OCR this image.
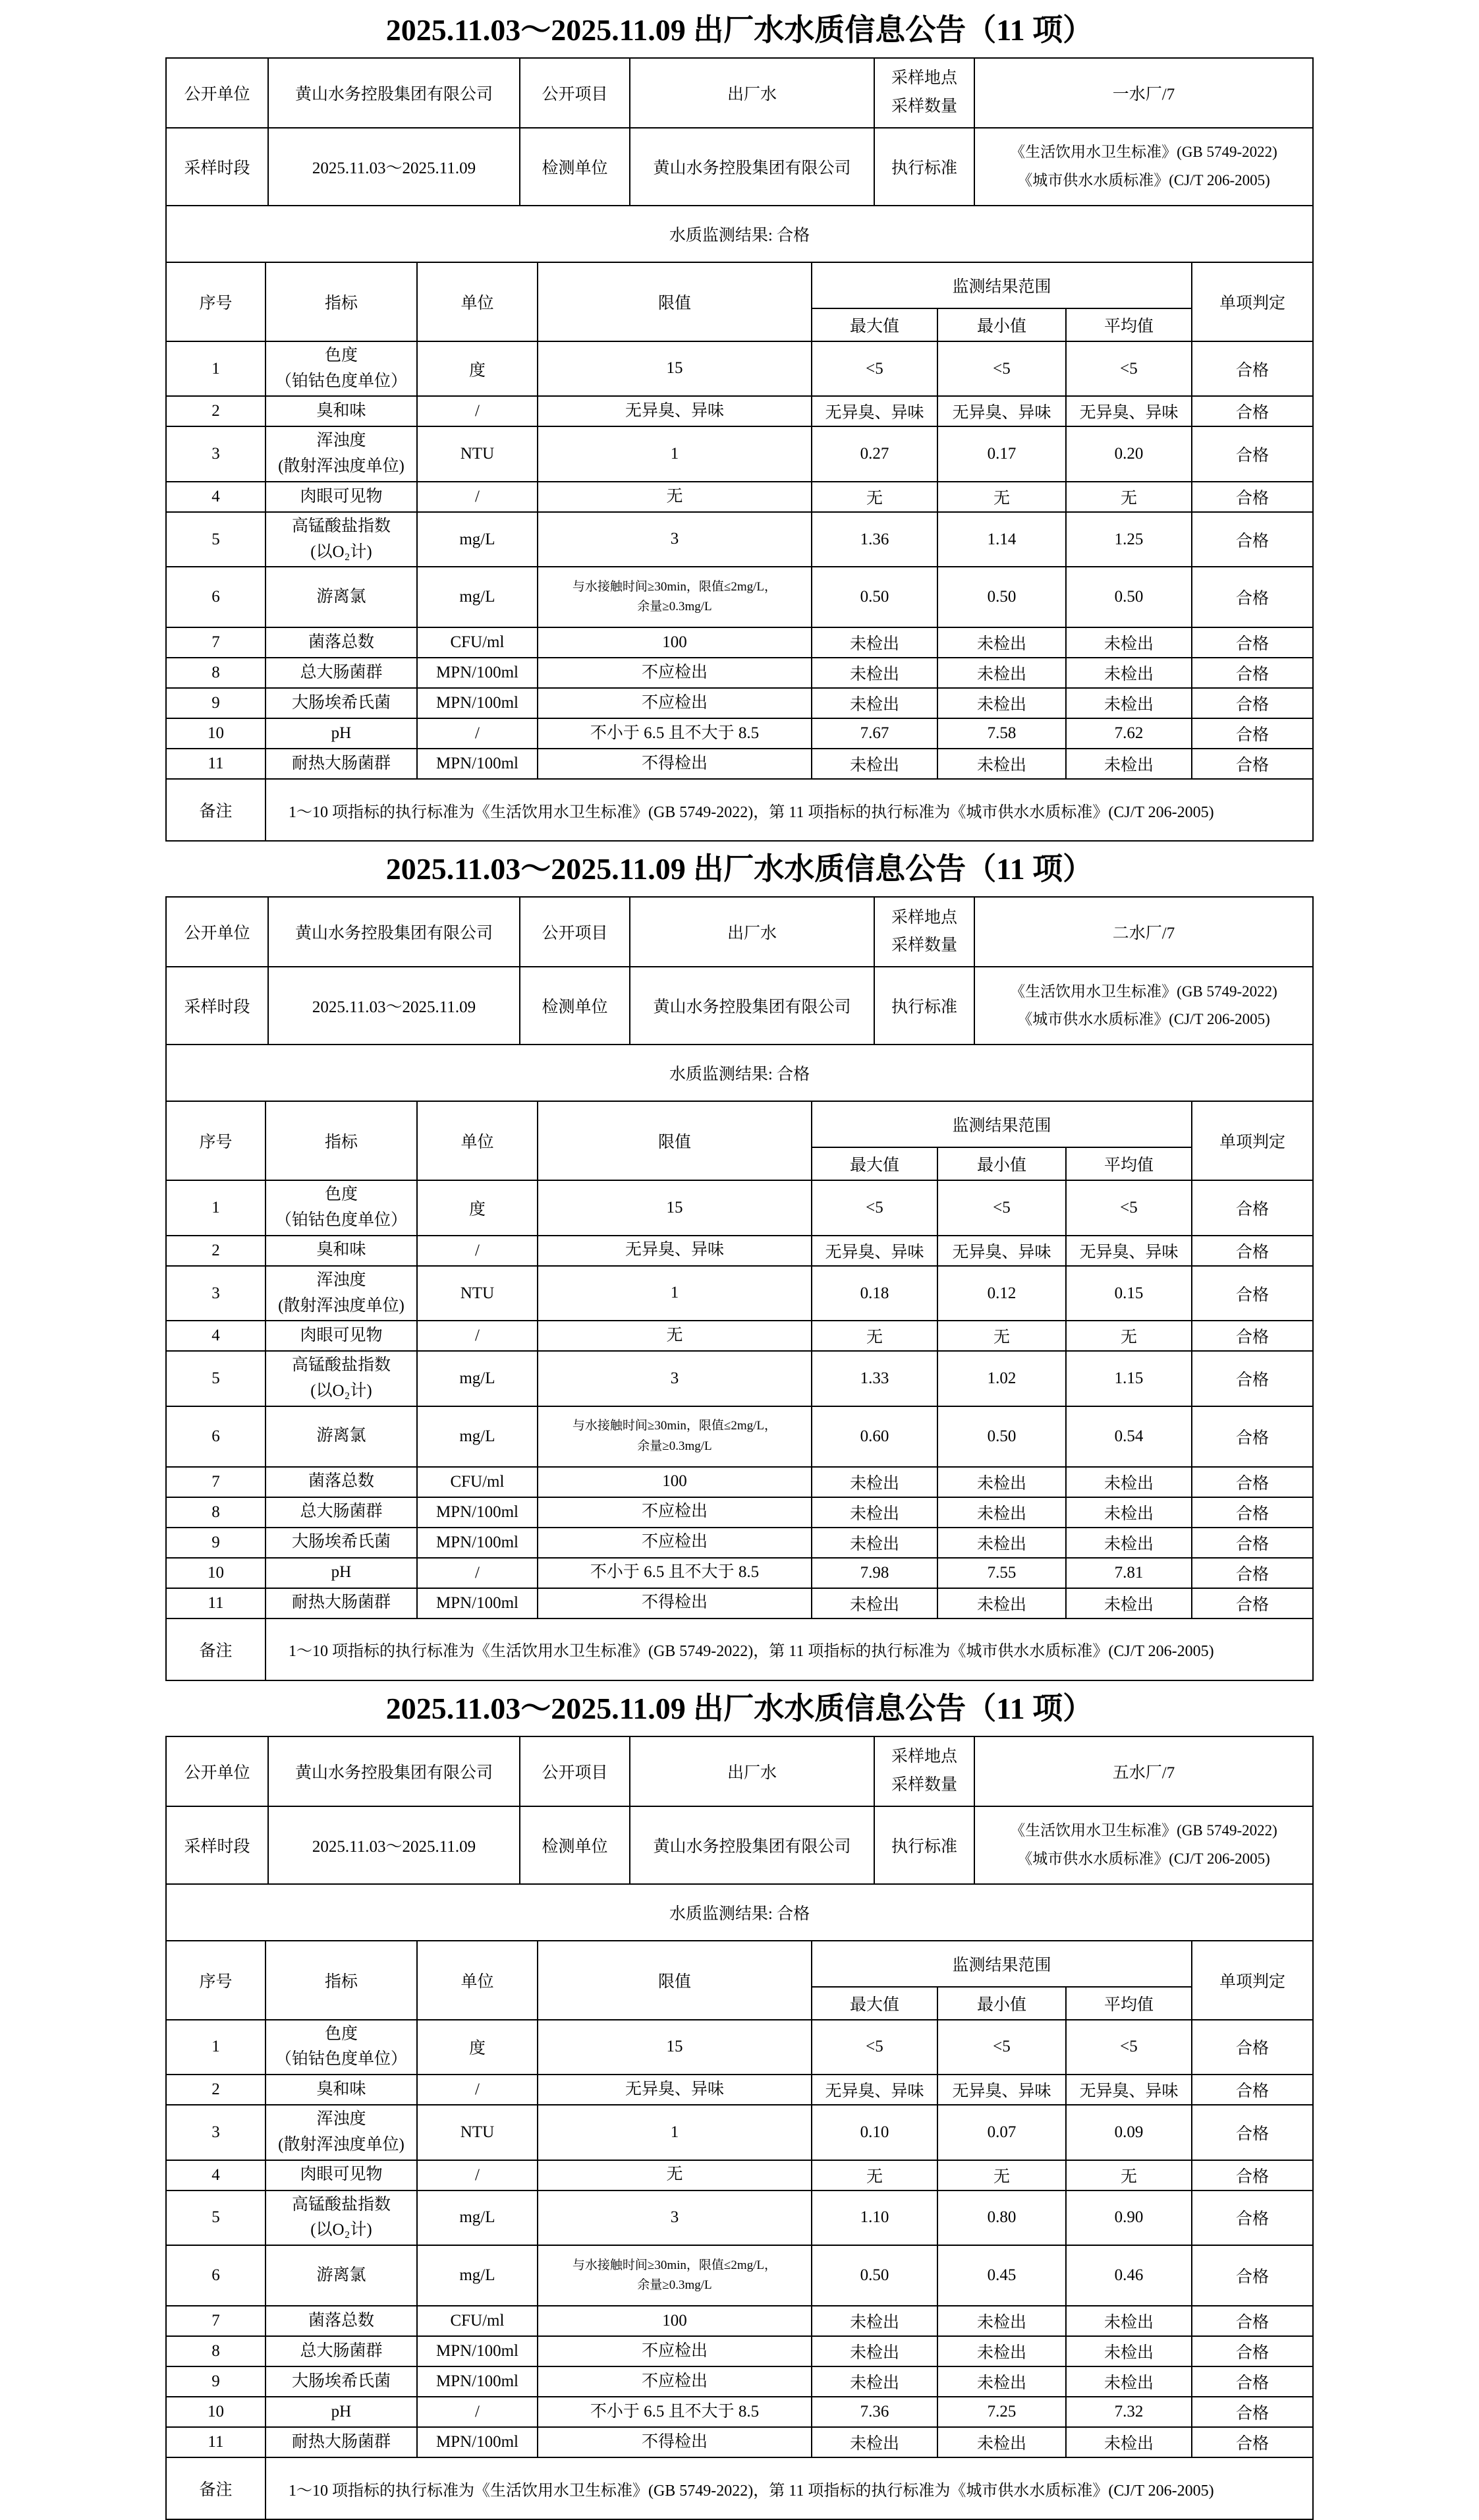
2025.11.03～2025.11.09 出厂水水质信息公告（11 项）
公开单位	黄山水务控股集团有限公司	公开项目	出厂水	采样地点
采样数量	一水厂/7
采样时段	2025.11.03～2025.11.09	检测单位	黄山水务控股集团有限公司	执行标准	《生活饮用水卫生标准》(GB 5749-2022)
《城市供水水质标准》(CJ/T 206-2005)
水质监测结果: 合格							
序号	指标	单位	限值	监测结果范围			单项判定
				最大值	最小值	平均值	
1	色度
（铂钴色度单位）	度	15	<5	<5	<5	合格
2	臭和味	/	无异臭、异味	无异臭、异味	无异臭、异味	无异臭、异味	合格
3	浑浊度
(散射浑浊度单位)	NTU	1	0.27	0.17	0.20	合格
4	肉眼可见物	/	无	无	无	无	合格
5	高锰酸盐指数
(以O₂计)	mg/L	3	1.36	1.14	1.25	合格
6	游离氯	mg/L	与水接触时间≥30min，限值≤2mg/L，
余量≥0.3mg/L	0.50	0.50	0.50	合格
7	菌落总数	CFU/ml	100	未检出	未检出	未检出	合格
8	总大肠菌群	MPN/100ml	不应检出	未检出	未检出	未检出	合格
9	大肠埃希氏菌	MPN/100ml	不应检出	未检出	未检出	未检出	合格
10	pH	/	不小于 6.5 且不大于 8.5	7.67	7.58	7.62	合格
11	耐热大肠菌群	MPN/100ml	不得检出	未检出	未检出	未检出	合格
备注	1～10 项指标的执行标准为《生活饮用水卫生标准》(GB 5749-2022)，第 11 项指标的执行标准为《城市供水水质标准》(CJ/T 206-2005)						
2025.11.03～2025.11.09 出厂水水质信息公告（11 项）
公开单位	黄山水务控股集团有限公司	公开项目	出厂水	采样地点
采样数量	二水厂/7
采样时段	2025.11.03～2025.11.09	检测单位	黄山水务控股集团有限公司	执行标准	《生活饮用水卫生标准》(GB 5749-2022)
《城市供水水质标准》(CJ/T 206-2005)
水质监测结果: 合格							
序号	指标	单位	限值	监测结果范围			单项判定
				最大值	最小值	平均值	
1	色度
（铂钴色度单位）	度	15	<5	<5	<5	合格
2	臭和味	/	无异臭、异味	无异臭、异味	无异臭、异味	无异臭、异味	合格
3	浑浊度
(散射浑浊度单位)	NTU	1	0.18	0.12	0.15	合格
4	肉眼可见物	/	无	无	无	无	合格
5	高锰酸盐指数
(以O₂计)	mg/L	3	1.33	1.02	1.15	合格
6	游离氯	mg/L	与水接触时间≥30min，限值≤2mg/L，
余量≥0.3mg/L	0.60	0.50	0.54	合格
7	菌落总数	CFU/ml	100	未检出	未检出	未检出	合格
8	总大肠菌群	MPN/100ml	不应检出	未检出	未检出	未检出	合格
9	大肠埃希氏菌	MPN/100ml	不应检出	未检出	未检出	未检出	合格
10	pH	/	不小于 6.5 且不大于 8.5	7.98	7.55	7.81	合格
11	耐热大肠菌群	MPN/100ml	不得检出	未检出	未检出	未检出	合格
备注	1～10 项指标的执行标准为《生活饮用水卫生标准》(GB 5749-2022)，第 11 项指标的执行标准为《城市供水水质标准》(CJ/T 206-2005)						
2025.11.03～2025.11.09 出厂水水质信息公告（11 项）
公开单位	黄山水务控股集团有限公司	公开项目	出厂水	采样地点
采样数量	五水厂/7
采样时段	2025.11.03～2025.11.09	检测单位	黄山水务控股集团有限公司	执行标准	《生活饮用水卫生标准》(GB 5749-2022)
《城市供水水质标准》(CJ/T 206-2005)
水质监测结果: 合格							
序号	指标	单位	限值	监测结果范围			单项判定
				最大值	最小值	平均值	
1	色度
（铂钴色度单位）	度	15	<5	<5	<5	合格
2	臭和味	/	无异臭、异味	无异臭、异味	无异臭、异味	无异臭、异味	合格
3	浑浊度
(散射浑浊度单位)	NTU	1	0.10	0.07	0.09	合格
4	肉眼可见物	/	无	无	无	无	合格
5	高锰酸盐指数
(以O₂计)	mg/L	3	1.10	0.80	0.90	合格
6	游离氯	mg/L	与水接触时间≥30min，限值≤2mg/L，
余量≥0.3mg/L	0.50	0.45	0.46	合格
7	菌落总数	CFU/ml	100	未检出	未检出	未检出	合格
8	总大肠菌群	MPN/100ml	不应检出	未检出	未检出	未检出	合格
9	大肠埃希氏菌	MPN/100ml	不应检出	未检出	未检出	未检出	合格
10	pH	/	不小于 6.5 且不大于 8.5	7.36	7.25	7.32	合格
11	耐热大肠菌群	MPN/100ml	不得检出	未检出	未检出	未检出	合格
备注	1～10 项指标的执行标准为《生活饮用水卫生标准》(GB 5749-2022)，第 11 项指标的执行标准为《城市供水水质标准》(CJ/T 206-2005)						
